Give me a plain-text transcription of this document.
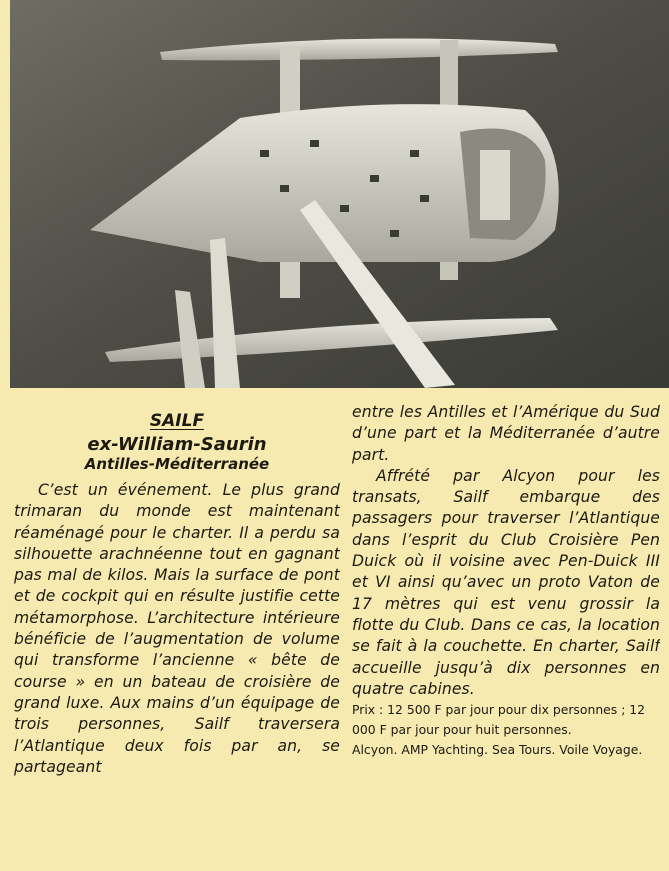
SAILF
ex-William-Saurin
Antilles-Méditerranée

C’est un événement. Le plus grand trimaran du monde est maintenant réaménagé pour le charter. Il a perdu sa silhouette arachnéenne tout en gagnant pas mal de kilos. Mais la surface de pont et de cockpit qui en résulte justifie cette métamorphose. L’architecture intérieure bénéficie de l’augmentation de volume qui transforme l’ancienne « bête de course » en un bateau de croisière de grand luxe. Aux mains d’un équipage de trois personnes, Sailf traversera l’Atlantique deux fois par an, se partageant

entre les Antilles et l’Amérique du Sud d’une part et la Méditerranée d’autre part.

Affrété par Alcyon pour les transats, Sailf embarque des passagers pour traverser l’Atlantique dans l’esprit du Club Croisière Pen Duick où il voisine avec Pen-Duick III et VI ainsi qu’avec un proto Vaton de 17 mètres qui est venu grossir la flotte du Club. Dans ce cas, la location se fait à la couchette. En charter, Sailf accueille jusqu’à dix personnes en quatre cabines.

Prix : 12 500 F par jour pour dix personnes ; 12 000 F par jour pour huit personnes.

Alcyon. AMP Yachting. Sea Tours. Voile Voyage.
